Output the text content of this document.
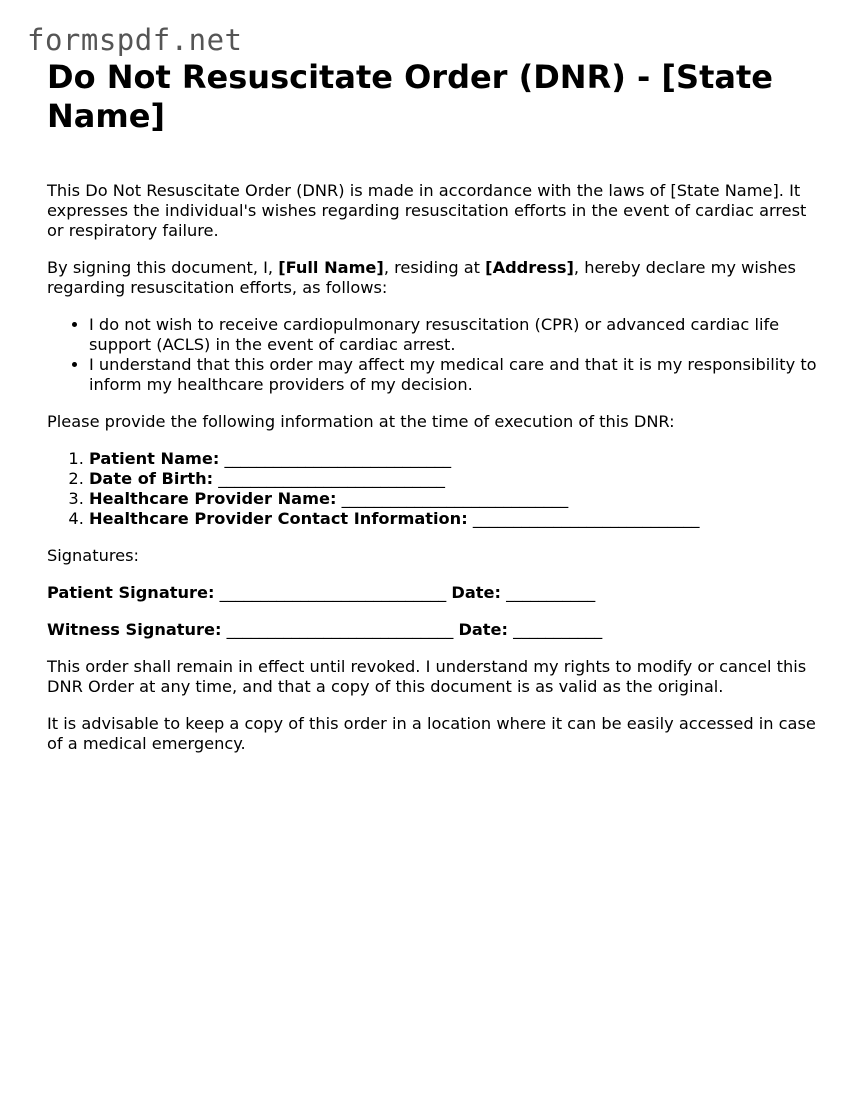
formspdf.net
Do Not Resuscitate Order (DNR) - [State Name]

This Do Not Resuscitate Order (DNR) is made in accordance with the laws of [State Name]. It expresses the individual's wishes regarding resuscitation efforts in the event of cardiac arrest or respiratory failure.

By signing this document, I, [Full Name], residing at [Address], hereby declare my wishes regarding resuscitation efforts, as follows:

• I do not wish to receive cardiopulmonary resuscitation (CPR) or advanced cardiac life support (ACLS) in the event of cardiac arrest.
• I understand that this order may affect my medical care and that it is my responsibility to inform my healthcare providers of my decision.

Please provide the following information at the time of execution of this DNR:

1. Patient Name: ____________________________
2. Date of Birth: ____________________________
3. Healthcare Provider Name: ____________________________
4. Healthcare Provider Contact Information: ____________________________

Signatures:

Patient Signature: ____________________________ Date: ___________

Witness Signature: ____________________________ Date: ___________

This order shall remain in effect until revoked. I understand my rights to modify or cancel this DNR Order at any time, and that a copy of this document is as valid as the original.

It is advisable to keep a copy of this order in a location where it can be easily accessed in case of a medical emergency.
